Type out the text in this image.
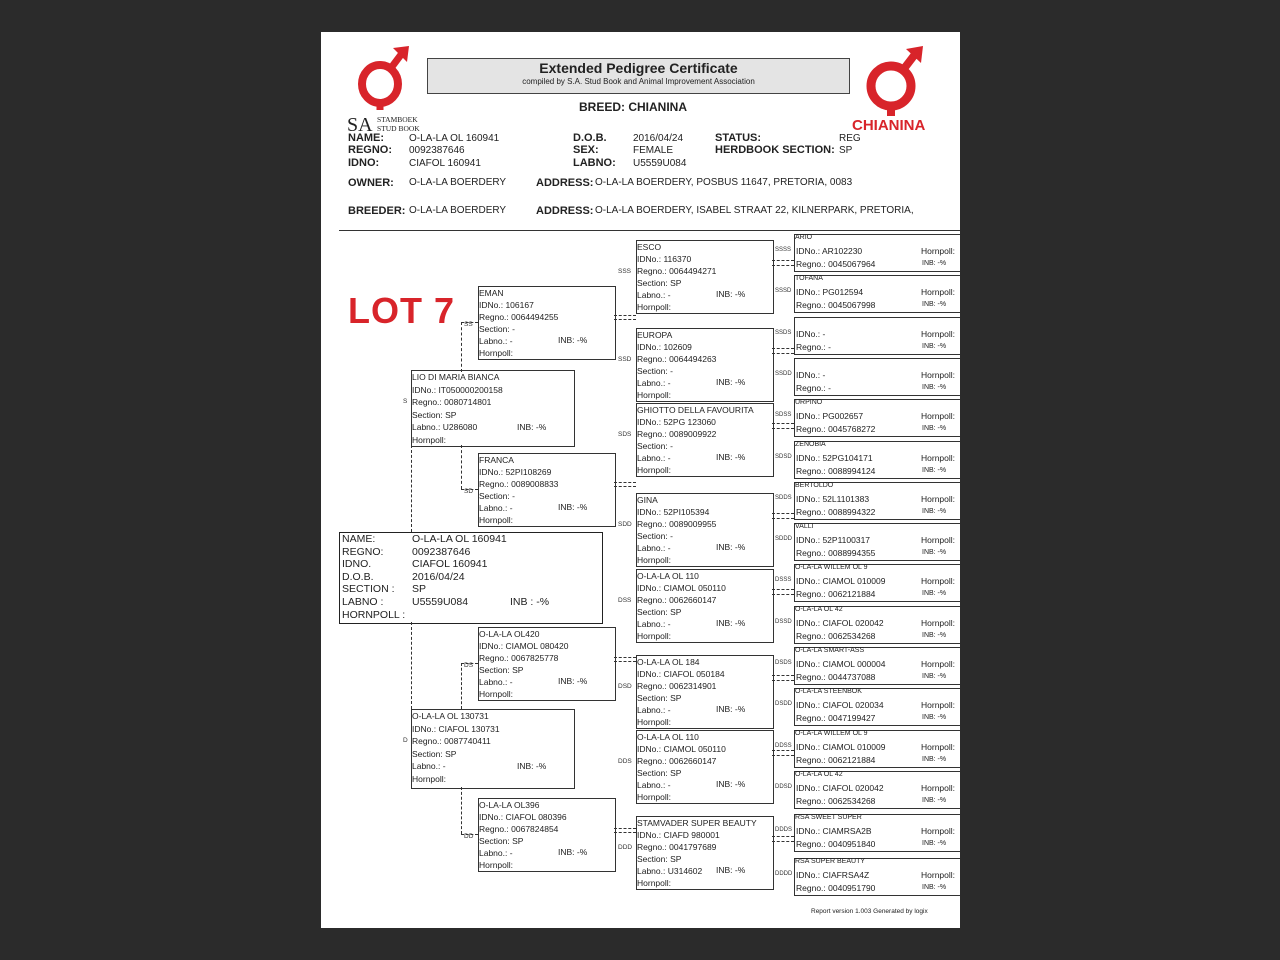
SA STAMBOEK
STUD BOOK	CHIANINA
Extended Pedigree Certificate
compiled by S.A. Stud Book and Animal Improvement Association
BREED: CHIANINA
NAME: O-LA-LA OL 160941
REGNO: 0092387646
IDNO:	CIAFOL 160941
D.O.B.	2016/04/24
SEX:	FEMALE
LABNO: U5559U084
STATUS:	REG
HERDBOOK SECTION: SP
OWNER: O-LA-LA BOERDERY	ADDRESS: O-LA-LA BOERDERY, POSBUS 11647, PRETORIA, 0083
BREEDER: O-LA-LA BOERDERY	ADDRESS: O-LA-LA BOERDERY, ISABEL STRAAT 22, KILNERPARK, PRETORIA,
LOT 7
NAME:	O-LA-LA OL 160941
REGNO:	0092387646
IDNO.	CIAFOL 160941
D.O.B.	2016/04/24
SECTION : SP
LABNO :	U5559U084
HORNPOLL :
INB : -%
LIO DI MARIA BIANCA
IDNo.: IT050000200158
Regno.: 0080714801
Section: SP
Labno.: U286080
Hornpoll:
INB: -%
S
O-LA-LA OL 130731
IDNo.: CIAFOL 130731
Regno.: 0087740411
Section: SP
Labno.: -
Hornpoll:
INB: -%
D
Report version 1.003 Generated by logix
EMAN
IDNo.: 106167
Regno.: 0064494255
Section: -
Labno.: -
Hornpoll:
INB: -%
SS
FRANCA
IDNo.: 52PI108269
Regno.: 0089008833
Section: -
Labno.: -
Hornpoll:
INB: -%
SD
O-LA-LA OL420
IDNo.: CIAMOL 080420
Regno.: 0067825778
Section: SP
Labno.: -
Hornpoll:
INB: -%
DS
O-LA-LA OL396
IDNo.: CIAFOL 080396
Regno.: 0067824854
Section: SP
Labno.: -
Hornpoll:
INB: -%
DD
ESCO
IDNo.: 116370
Regno.: 0064494271
Section: SP
Labno.: -
Hornpoll:
INB: -%
SSS
EUROPA
IDNo.: 102609
Regno.: 0064494263
Section: -
Labno.: -
Hornpoll:
INB: -%
SSD
GHIOTTO DELLA FAVOURITA
IDNo.: 52PG 123060
Regno.: 0089009922
Section: -
Labno.: -
Hornpoll:
INB: -%
SDS
GINA
IDNo.: 52PI105394
Regno.: 0089009955
Section: -
Labno.: -
Hornpoll:
INB: -%
SDD
O-LA-LA OL 110
IDNo.: CIAMOL 050110
Regno.: 0062660147
Section: SP
Labno.: -
Hornpoll:
INB: -%
DSS
O-LA-LA OL 184
IDNo.: CIAFOL 050184
Regno.: 0062314901
Section: SP
Labno.: -
Hornpoll:
INB: -%
DSD
O-LA-LA OL 110
IDNo.: CIAMOL 050110
Regno.: 0062660147
Section: SP
Labno.: -
Hornpoll:
INB: -%
DDS
STAMVADER SUPER BEAUTY
IDNo.: CIAFD 980001
Regno.: 0041797689
Section: SP
Labno.: U314602
Hornpoll:
INB: -%
DDD
ARIO
IDNo.: AR102230
Regno.: 0045067964
Hornpoll:
INB: -%
SSSS
TOFANA
IDNo.: PG012594
Regno.: 0045067998
Hornpoll:
INB: -%
SSSD
IDNo.: -
Regno.: -
Hornpoll:
INB: -%
SSDS
IDNo.: -
Regno.: -
Hornpoll:
INB: -%
SSDD
URPINO
IDNo.: PG002657
Regno.: 0045768272
Hornpoll:
INB: -%
SDSS
ZENOBIA
IDNo.: 52PG104171
Regno.: 0088994124
Hornpoll:
INB: -%
SDSD
BERTOLDO
IDNo.: 52L1101383
Regno.: 0088994322
Hornpoll:
INB: -%
SDDS
VALLI
IDNo.: 52P1100317
Regno.: 0088994355
Hornpoll:
INB: -%
SDDD
O-LA-LA WILLEM OL 9
IDNo.: CIAMOL 010009
Regno.: 0062121884
Hornpoll:
INB: -%
DSSS
O-LA-LA OL 42
IDNo.: CIAFOL 020042
Regno.: 0062534268
Hornpoll:
INB: -%
DSSD
O-LA-LA SMART-ASS
IDNo.: CIAMOL 000004
Regno.: 0044737088
Hornpoll:
INB: -%
DSDS
O-LA-LA STEENBOK
IDNo.: CIAFOL 020034
Regno.: 0047199427
Hornpoll:
INB: -%
DSDD
O-LA-LA WILLEM OL 9
IDNo.: CIAMOL 010009
Regno.: 0062121884
Hornpoll:
INB: -%
DDSS
O-LA-LA OL 42
IDNo.: CIAFOL 020042
Regno.: 0062534268
Hornpoll:
INB: -%
DDSD
RSA SWEET SUPER
IDNo.: CIAMRSA2B
Regno.: 0040951840
Hornpoll:
INB: -%
DDDS
RSA SUPER BEAUTY
IDNo.: CIAFRSA4Z
Regno.: 0040951790
Hornpoll:
INB: -%
DDDD
